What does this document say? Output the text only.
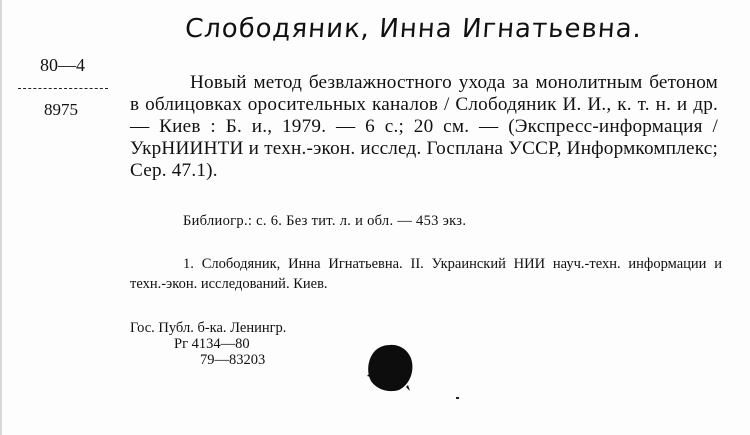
Слободяник, Инна Игнатьевна.
80—4
8975
Новый метод безвлажностного ухода за монолитным бетоном в облицовках оросительных каналов / Слободяник И. И., к. т. н. и др. — Киев : Б. и., 1979. — 6 с.; 20 см. — (Экспресс-информация / УкрНИИНТИ и техн.-экон. исслед. Госплана УССР, Информкомплекс; Сер. 47.1).
Библиогр.: с. 6. Без тит. л. и обл. — 453 экз.
1. Слободяник, Инна Игнатьевна. II. Украинский НИИ науч.-техн. информации и техн.-экон. исследований. Киев.
Гос. Публ. б-ка. Ленингр.
Рг 4134—80
79—83203
